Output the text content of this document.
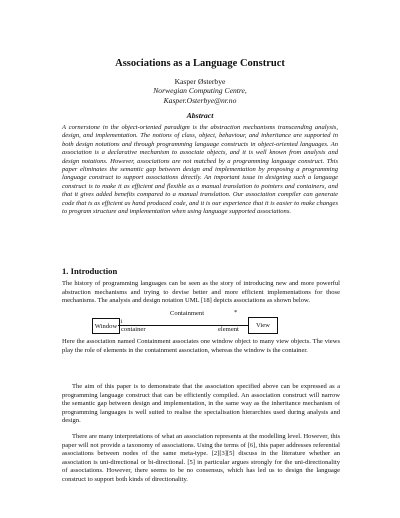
Associations as a Language Construct
Kasper Østerbye
Norwegian Computing Centre,
Kasper.Osterbye@nr.no
Abstract

A cornerstone in the object-oriented paradigm is the abstraction mechanisms transcending analysis, design, and implementation. The notions of class, object, behaviour, and inheritance are supported in both design notations and through programming language constructs in object-oriented languages. An association is a declarative mechanism to associate objects, and it is well known from analysis and design notations. However, associations are not matched by a programming language construct. This paper eliminates the semantic gap between design and implementation by proposing a programming language construct to support associations directly. An important issue in designing such a language construct is to make it as efficient and flexible as a manual translation to pointers and containers, and that it gives added benefits compared to a manual translation. Our association compiler can generate code that is as efficient as hand produced code, and it is our experience that it is easier to make changes to program structure and implementation when using language supported associations.

1. Introduction

The history of programming languages can be seen as the story of introducing new and more powerful abstraction mechanisms and trying to devise better and more efficient implementations for those mechanisms. The analysis and design notation UML [18] depicts associations as shown below.

Window	View
Containment
1
*
container	element

Here the association named Containment associates one window object to many view objects. The views play the role of elements in the containment association, whereas the window is the container.

The aim of this paper is to demonstrate that the association specified above can be expressed as a programming language construct that can be efficiently compiled. An association construct will narrow the semantic gap between design and implementation, in the same way as the inheritance mechanism of programming languages is well suited to realise the specialisation hierarchies used during analysis and design.

There are many interpretations of what an association represents at the modelling level. However, this paper will not provide a taxonomy of associations. Using the terms of [6], this paper addresses referential associations between nodes of the same meta-type. [2][3][5] discuss in the literature whether an association is uni-directional or bi-directional. [5] in particular argues strongly for the uni-directionality of associations. However, there seems to be no consensus, which has led us to design the language construct to support both kinds of directionality.
